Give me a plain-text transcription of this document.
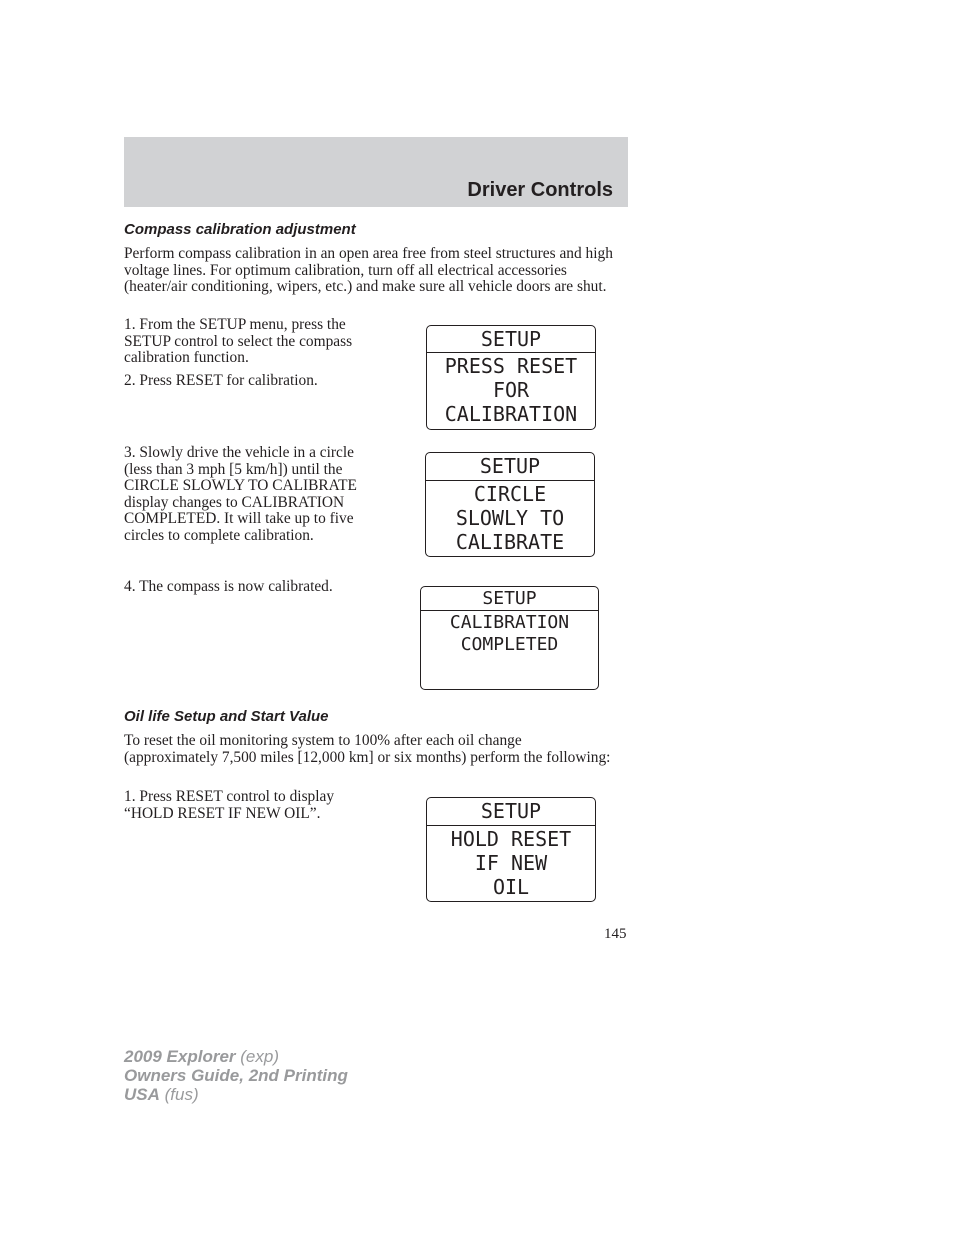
Driver Controls
Compass calibration adjustment

Perform compass calibration in an open area free from steel structures and high voltage lines. For optimum calibration, turn off all electrical accessories (heater/air conditioning, wipers, etc.) and make sure all vehicle doors are shut.

1. From the SETUP menu, press the SETUP control to select the compass calibration function.

2. Press RESET for calibration.

3. Slowly drive the vehicle in a circle (less than 3 mph [5 km/h]) until the CIRCLE SLOWLY TO CALIBRATE display changes to CALIBRATION COMPLETED. It will take up to five circles to complete calibration.

4. The compass is now calibrated.

SETUP
PRESS RESET
FOR
CALIBRATION
SETUP
CIRCLE
SLOWLY TO
CALIBRATE
SETUP
CALIBRATION
COMPLETED
Oil life Setup and Start Value

To reset the oil monitoring system to 100% after each oil change (approximately 7,500 miles [12,000 km] or six months) perform the following:

1. Press RESET control to display “HOLD RESET IF NEW OIL”.	SETUP
HOLD RESET
IF NEW
OIL
145
2009 Explorer (exp)
Owners Guide, 2nd Printing
USA (fus)
